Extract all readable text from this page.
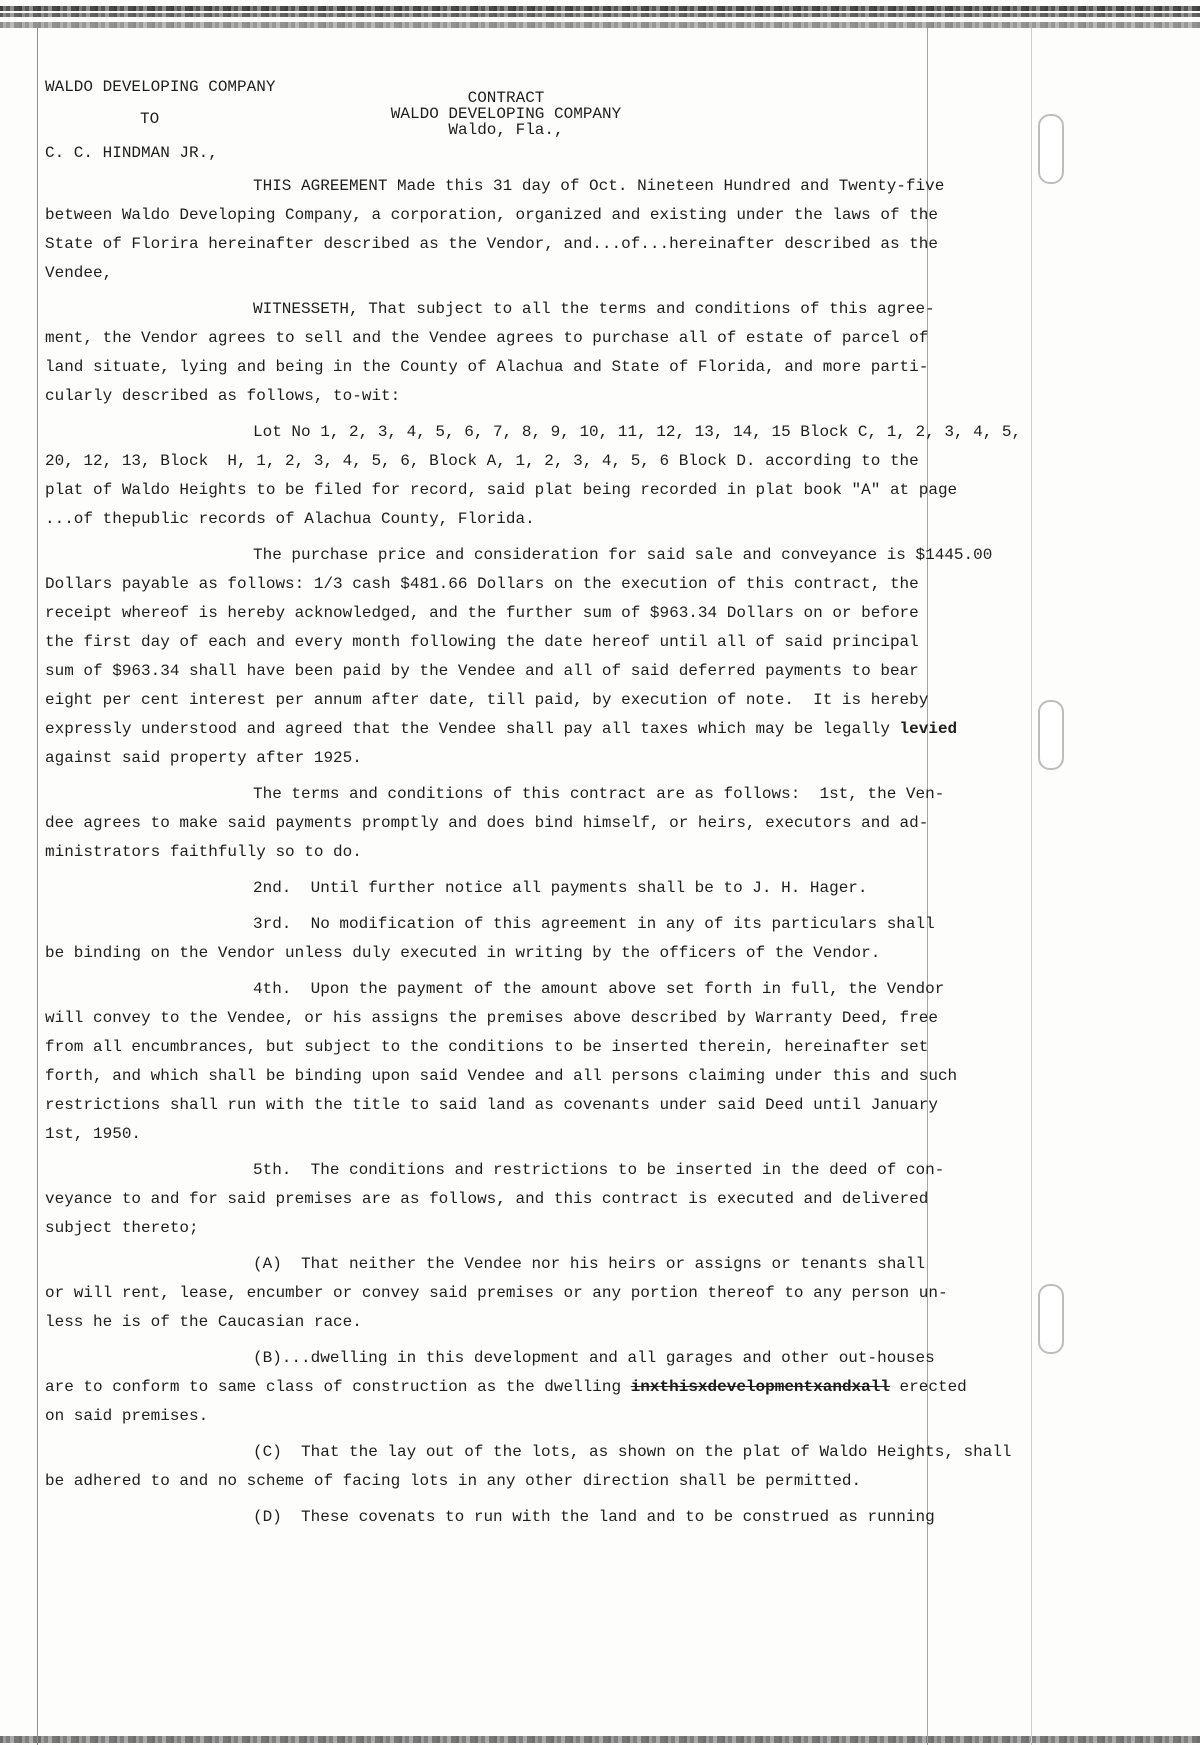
WALDO DEVELOPING COMPANY
TO
C. C. HINDMAN JR.,
CONTRACT
WALDO DEVELOPING COMPANY
Waldo, Fla.,
THIS AGREEMENT Made this 31 day of Oct. Nineteen Hundred and Twenty-five
between Waldo Developing Company, a corporation, organized and existing under the laws of the
State of Florira hereinafter described as the Vendor, and...of...hereinafter described as the
Vendee,
WITNESSETH, That subject to all the terms and conditions of this agree-
ment, the Vendor agrees to sell and the Vendee agrees to purchase all of estate of parcel of
land situate, lying and being in the County of Alachua and State of Florida, and more parti-
cularly described as follows, to-wit:
Lot No 1, 2, 3, 4, 5, 6, 7, 8, 9, 10, 11, 12, 13, 14, 15 Block C, 1, 2, 3, 4, 5,
20, 12, 13, Block  H, 1, 2, 3, 4, 5, 6, Block A, 1, 2, 3, 4, 5, 6 Block D. according to the
plat of Waldo Heights to be filed for record, said plat being recorded in plat book "A" at page
...of thepublic records of Alachua County, Florida.
The purchase price and consideration for said sale and conveyance is $1445.00
Dollars payable as follows: 1/3 cash $481.66 Dollars on the execution of this contract, the
receipt whereof is hereby acknowledged, and the further sum of $963.34 Dollars on or before
the first day of each and every month following the date hereof until all of said principal
sum of $963.34 shall have been paid by the Vendee and all of said deferred payments to bear
eight per cent interest per annum after date, till paid, by execution of note.  It is hereby
expressly understood and agreed that the Vendee shall pay all taxes which may be legally levied
against said property after 1925.
The terms and conditions of this contract are as follows:  1st, the Ven-
dee agrees to make said payments promptly and does bind himself, or heirs, executors and ad-
ministrators faithfully so to do.
2nd.  Until further notice all payments shall be to J. H. Hager.
3rd.  No modification of this agreement in any of its particulars shall
be binding on the Vendor unless duly executed in writing by the officers of the Vendor.
4th.  Upon the payment of the amount above set forth in full, the Vendor
will convey to the Vendee, or his assigns the premises above described by Warranty Deed, free
from all encumbrances, but subject to the conditions to be inserted therein, hereinafter set
forth, and which shall be binding upon said Vendee and all persons claiming under this and such
restrictions shall run with the title to said land as covenants under said Deed until January
1st, 1950.
5th.  The conditions and restrictions to be inserted in the deed of con-
veyance to and for said premises are as follows, and this contract is executed and delivered
subject thereto;
(A)  That neither the Vendee nor his heirs or assigns or tenants shall
or will rent, lease, encumber or convey said premises or any portion thereof to any person un-
less he is of the Caucasian race.
(B)...dwelling in this development and all garages and other out-houses
are to conform to same class of construction as the dwelling inxthisxdevelopmentxandxall erected
on said premises.
(C)  That the lay out of the lots, as shown on the plat of Waldo Heights, shall
be adhered to and no scheme of facing lots in any other direction shall be permitted.
(D)  These covenats to run with the land and to be construed as running
